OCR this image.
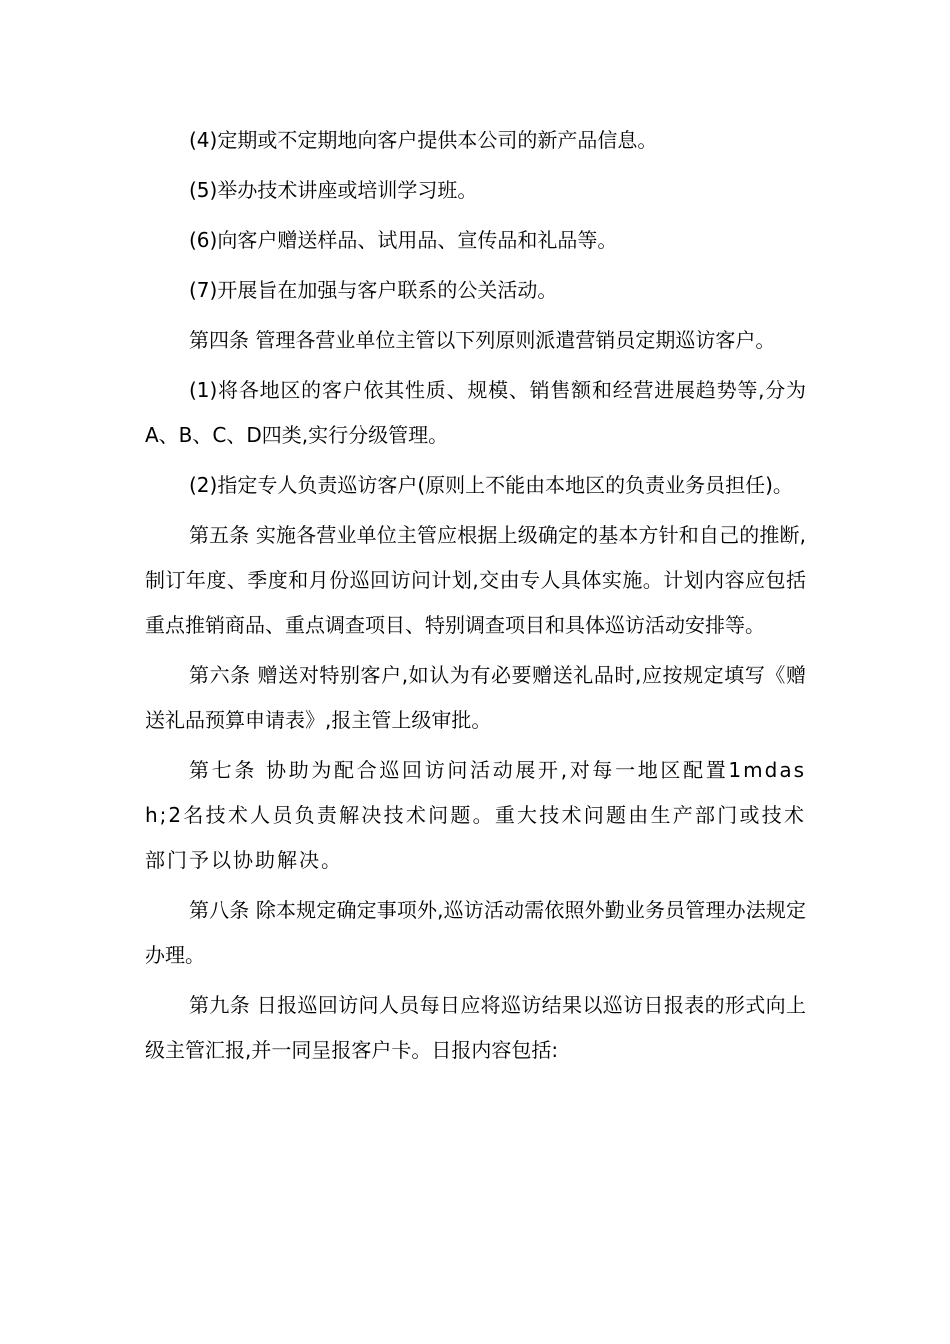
(4)定期或不定期地向客户提供本公司的新产品信息。

(5)举办技术讲座或培训学习班。

(6)向客户赠送样品、试用品、宣传品和礼品等。

(7)开展旨在加强与客户联系的公关活动。

第四条 管理各营业单位主管以下列原则派遣营销员定期巡访客户。

(1)将各地区的客户依其性质、规模、销售额和经营进展趋势等,分为A、B、C、D四类,实行分级管理。

(2)指定专人负责巡访客户(原则上不能由本地区的负责业务员担任)。

第五条 实施各营业单位主管应根据上级确定的基本方针和自己的推断,制订年度、季度和月份巡回访问计划,交由专人具体实施。计划内容应包括重点推销商品、重点调查项目、特别调查项目和具体巡访活动安排等。

第六条 赠送对特别客户,如认为有必要赠送礼品时,应按规定填写《赠送礼品预算申请表》,报主管上级审批。

第七条 协助为配合巡回访问活动展开,对每一地区配置1mdash;2名技术人员负责解决技术问题。重大技术问题由生产部门或技术部门予以协助解决。

第八条 除本规定确定事项外,巡访活动需依照外勤业务员管理办法规定办理。

第九条 日报巡回访问人员每日应将巡访结果以巡访日报表的形式向上级主管汇报,并一同呈报客户卡。日报内容包括:
